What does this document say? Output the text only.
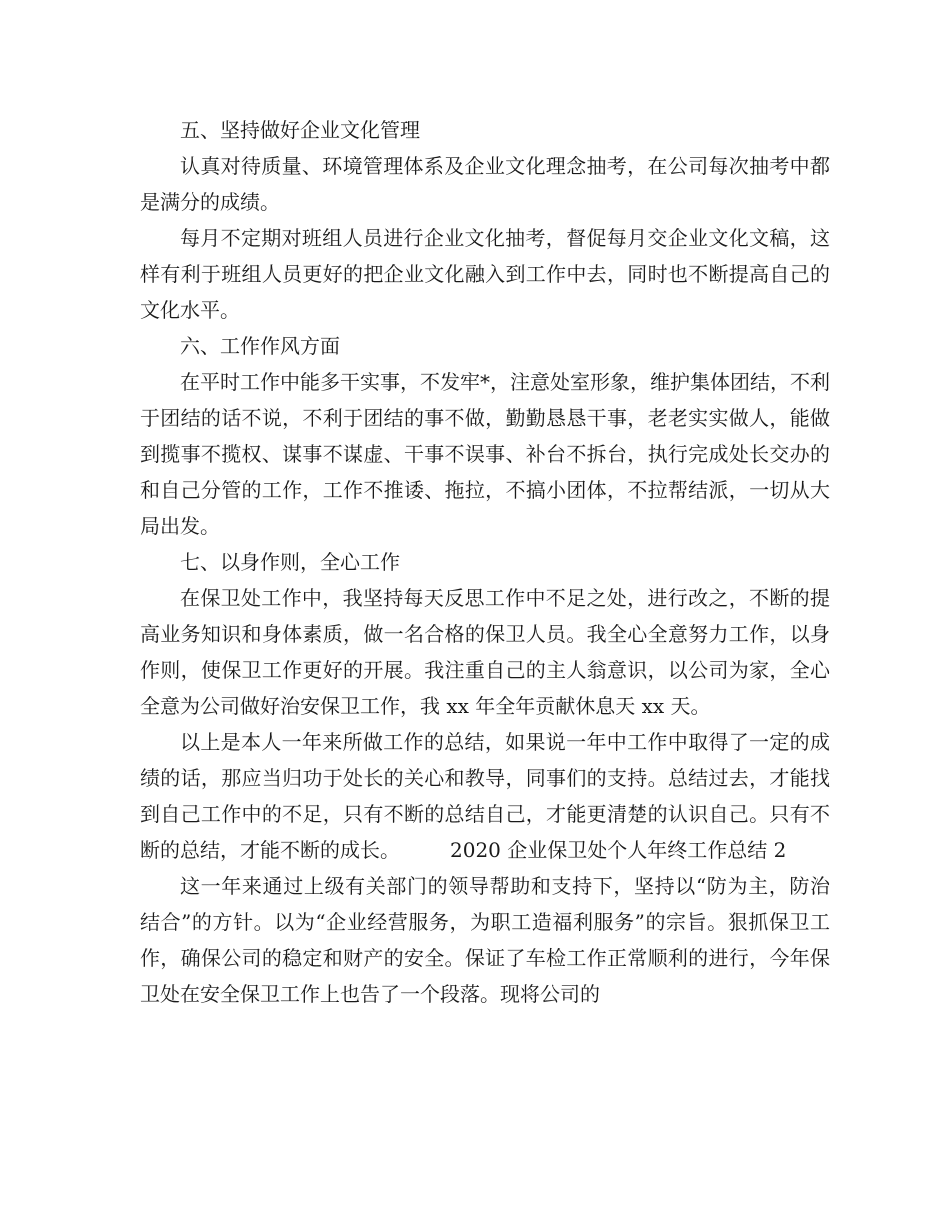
五、坚持做好企业文化管理

认真对待质量、环境管理体系及企业文化理念抽考，在公司每次抽考中都是满分的成绩。

每月不定期对班组人员进行企业文化抽考，督促每月交企业文化文稿，这样有利于班组人员更好的把企业文化融入到工作中去，同时也不断提高自己的文化水平。

六、工作作风方面

在平时工作中能多干实事，不发牢*，注意处室形象，维护集体团结，不利于团结的话不说，不利于团结的事不做，勤勤恳恳干事，老老实实做人，能做到揽事不揽权、谋事不谋虚、干事不误事、补台不拆台，执行完成处长交办的和自己分管的工作，工作不推诿、拖拉，不搞小团体，不拉帮结派，一切从大局出发。

七、以身作则，全心工作

在保卫处工作中，我坚持每天反思工作中不足之处，进行改之，不断的提高业务知识和身体素质，做一名合格的保卫人员。我全心全意努力工作，以身作则，使保卫工作更好的开展。我注重自己的主人翁意识，以公司为家，全心全意为公司做好治安保卫工作，我 xx 年全年贡献休息天 xx 天。

以上是本人一年来所做工作的总结，如果说一年中工作中取得了一定的成绩的话，那应当归功于处长的关心和教导，同事们的支持。总结过去，才能找到自己工作中的不足，只有不断的总结自己，才能更清楚的认识自己。只有不断的总结，才能不断的成长。　　　2020 企业保卫处个人年终工作总结 2

这一年来通过上级有关部门的领导帮助和支持下，坚持以“防为主，防治结合”的方针。以为“企业经营服务，为职工造福利服务”的宗旨。狠抓保卫工作，确保公司的稳定和财产的安全。保证了车检工作正常顺利的进行，今年保卫处在安全保卫工作上也告了一个段落。现将公司的
